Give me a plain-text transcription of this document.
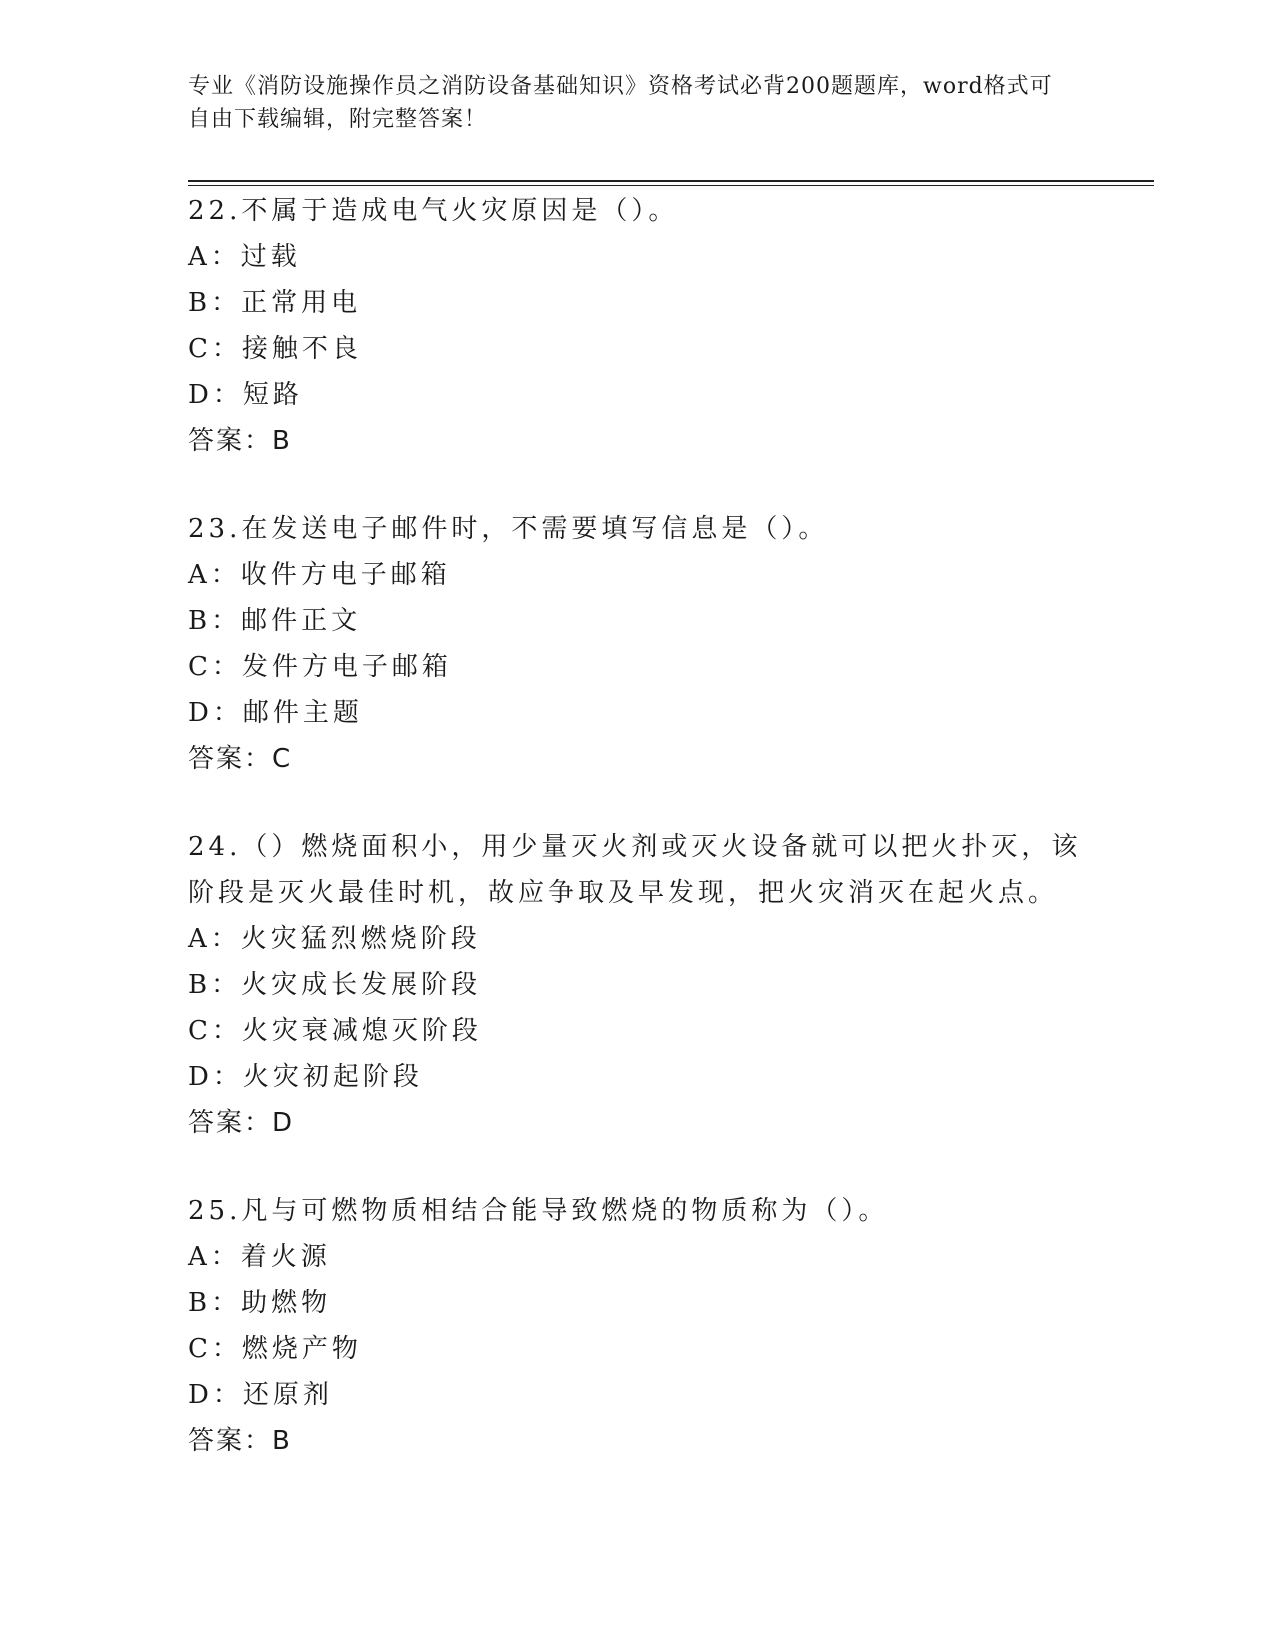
专业《消防设施操作员之消防设备基础知识》资格考试必背200题题库，word格式可自由下载编辑，附完整答案！
22.不属于造成电气火灾原因是（）。
A：过载
B：正常用电
C：接触不良
D：短路
答案：B
23.在发送电子邮件时，不需要填写信息是（）。
A：收件方电子邮箱
B：邮件正文
C：发件方电子邮箱
D：邮件主题
答案：C
24.（）燃烧面积小，用少量灭火剂或灭火设备就可以把火扑灭，该阶段是灭火最佳时机，故应争取及早发现，把火灾消灭在起火点。
A：火灾猛烈燃烧阶段
B：火灾成长发展阶段
C：火灾衰减熄灭阶段
D：火灾初起阶段
答案：D
25.凡与可燃物质相结合能导致燃烧的物质称为（）。
A：着火源
B：助燃物
C：燃烧产物
D：还原剂
答案：B
